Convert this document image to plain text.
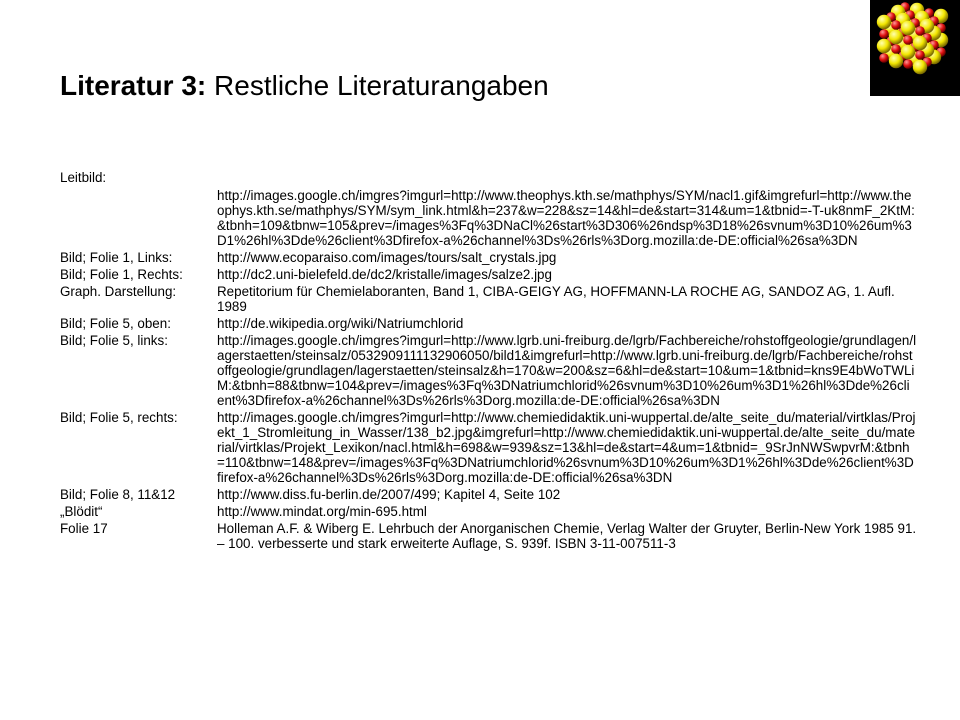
Literatur 3: Restliche Literaturangaben
Leitbild:
http://images.google.ch/imgres?imgurl=http://www.theophys.kth.se/mathphys/SYM/nacl1.gif&imgrefurl=http://www.theophys.kth.se/mathphys/SYM/sym_link.html&h=237&w=228&sz=14&hl=de&start=314&um=1&tbnid=-T-uk8nmF_2KtM:&tbnh=109&tbnw=105&prev=/images%3Fq%3DNaCl%26start%3D306%26ndsp%3D18%26svnum%3D10%26um%3D1%26hl%3Dde%26client%3Dfirefox-a%26channel%3Ds%26rls%3Dorg.mozilla:de-DE:official%26sa%3DN
Bild; Folie 1, Links:	http://www.ecoparaiso.com/images/tours/salt_crystals.jpg
Bild; Folie 1, Rechts:	http://dc2.uni-bielefeld.de/dc2/kristalle/images/salze2.jpg
Graph. Darstellung:	Repetitorium für Chemielaboranten, Band 1, CIBA-GEIGY AG, HOFFMANN-LA ROCHE AG, SANDOZ AG, 1. Aufl. 1989
Bild; Folie 5, oben:	http://de.wikipedia.org/wiki/Natriumchlorid
Bild; Folie 5, links:	http://images.google.ch/imgres?imgurl=http://www.lgrb.uni-freiburg.de/lgrb/Fachbereiche/rohstoffgeologie/grundlagen/lagerstaetten/steinsalz/0532909111132906050/bild1&imgrefurl=http://www.lgrb.uni-freiburg.de/lgrb/Fachbereiche/rohstoffgeologie/grundlagen/lagerstaetten/steinsalz&h=170&w=200&sz=6&hl=de&start=10&um=1&tbnid=kns9E4bWoTWLiM:&tbnh=88&tbnw=104&prev=/images%3Fq%3DNatriumchlorid%26svnum%3D10%26um%3D1%26hl%3Dde%26client%3Dfirefox-a%26channel%3Ds%26rls%3Dorg.mozilla:de-DE:official%26sa%3DN
Bild; Folie 5, rechts:	http://images.google.ch/imgres?imgurl=http://www.chemiedidaktik.uni-wuppertal.de/alte_seite_du/material/virtklas/Projekt_1_Stromleitung_in_Wasser/138_b2.jpg&imgrefurl=http://www.chemiedidaktik.uni-wuppertal.de/alte_seite_du/material/virtklas/Projekt_Lexikon/nacl.html&h=698&w=939&sz=13&hl=de&start=4&um=1&tbnid=_9SrJnNWSwpvrM:&tbnh=110&tbnw=148&prev=/images%3Fq%3DNatriumchlorid%26svnum%3D10%26um%3D1%26hl%3Dde%26client%3Dfirefox-a%26channel%3Ds%26rls%3Dorg.mozilla:de-DE:official%26sa%3DN
Bild; Folie 8, 11&12	http://www.diss.fu-berlin.de/2007/499; Kapitel 4, Seite 102
„Blödit“	http://www.mindat.org/min-695.html
Folie 17	Holleman A.F. & Wiberg E. Lehrbuch der Anorganischen Chemie, Verlag Walter der Gruyter, Berlin-New York 1985 91. – 100. verbesserte und stark erweiterte Auflage, S. 939f. ISBN 3-11-007511-3
